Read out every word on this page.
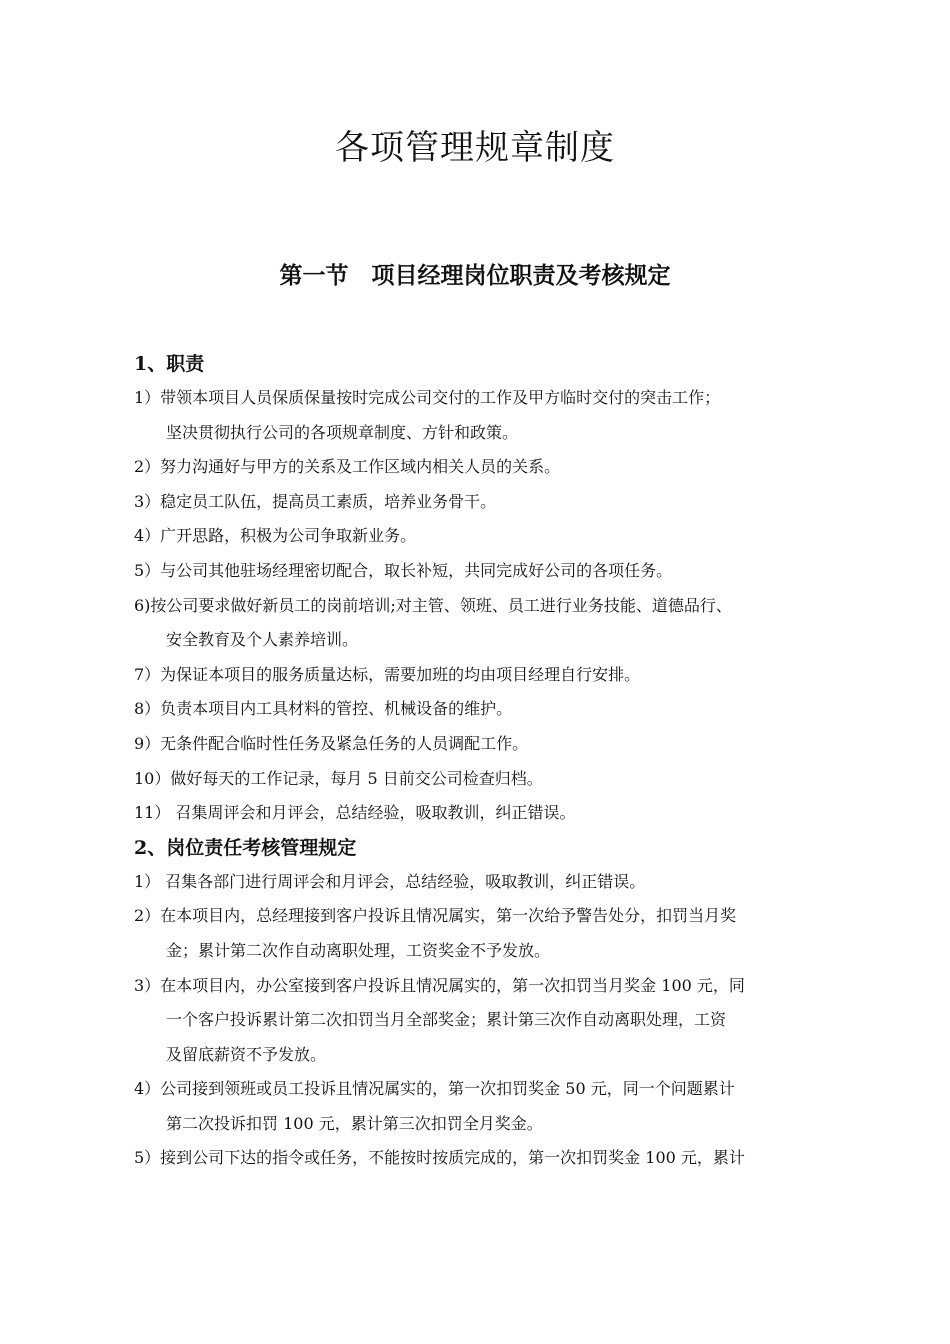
各项管理规章制度
第一节　项目经理岗位职责及考核规定

1、职责

1）带领本项目人员保质保量按时完成公司交付的工作及甲方临时交付的突击工作；
坚决贯彻执行公司的各项规章制度、方针和政策。

2）努力沟通好与甲方的关系及工作区域内相关人员的关系。

3）稳定员工队伍，提高员工素质，培养业务骨干。

4）广开思路，积极为公司争取新业务。

5）与公司其他驻场经理密切配合，取长补短，共同完成好公司的各项任务。

6)按公司要求做好新员工的岗前培训;对主管、领班、员工进行业务技能、道德品行、
安全教育及个人素养培训。

7）为保证本项目的服务质量达标，需要加班的均由项目经理自行安排。

8）负责本项目内工具材料的管控、机械设备的维护。

9）无条件配合临时性任务及紧急任务的人员调配工作。

10）做好每天的工作记录，每月 5 日前交公司检查归档。

11） 召集周评会和月评会，总结经验，吸取教训，纠正错误。

2、岗位责任考核管理规定

1） 召集各部门进行周评会和月评会，总结经验，吸取教训，纠正错误。

2）在本项目内，总经理接到客户投诉且情况属实，第一次给予警告处分，扣罚当月奖
金；累计第二次作自动离职处理，工资奖金不予发放。

3）在本项目内，办公室接到客户投诉且情况属实的，第一次扣罚当月奖金 100 元，同
一个客户投诉累计第二次扣罚当月全部奖金；累计第三次作自动离职处理，工资
及留底薪资不予发放。

4）公司接到领班或员工投诉且情况属实的，第一次扣罚奖金 50 元，同一个问题累计
第二次投诉扣罚 100 元，累计第三次扣罚全月奖金。

5）接到公司下达的指令或任务，不能按时按质完成的，第一次扣罚奖金 100 元，累计
